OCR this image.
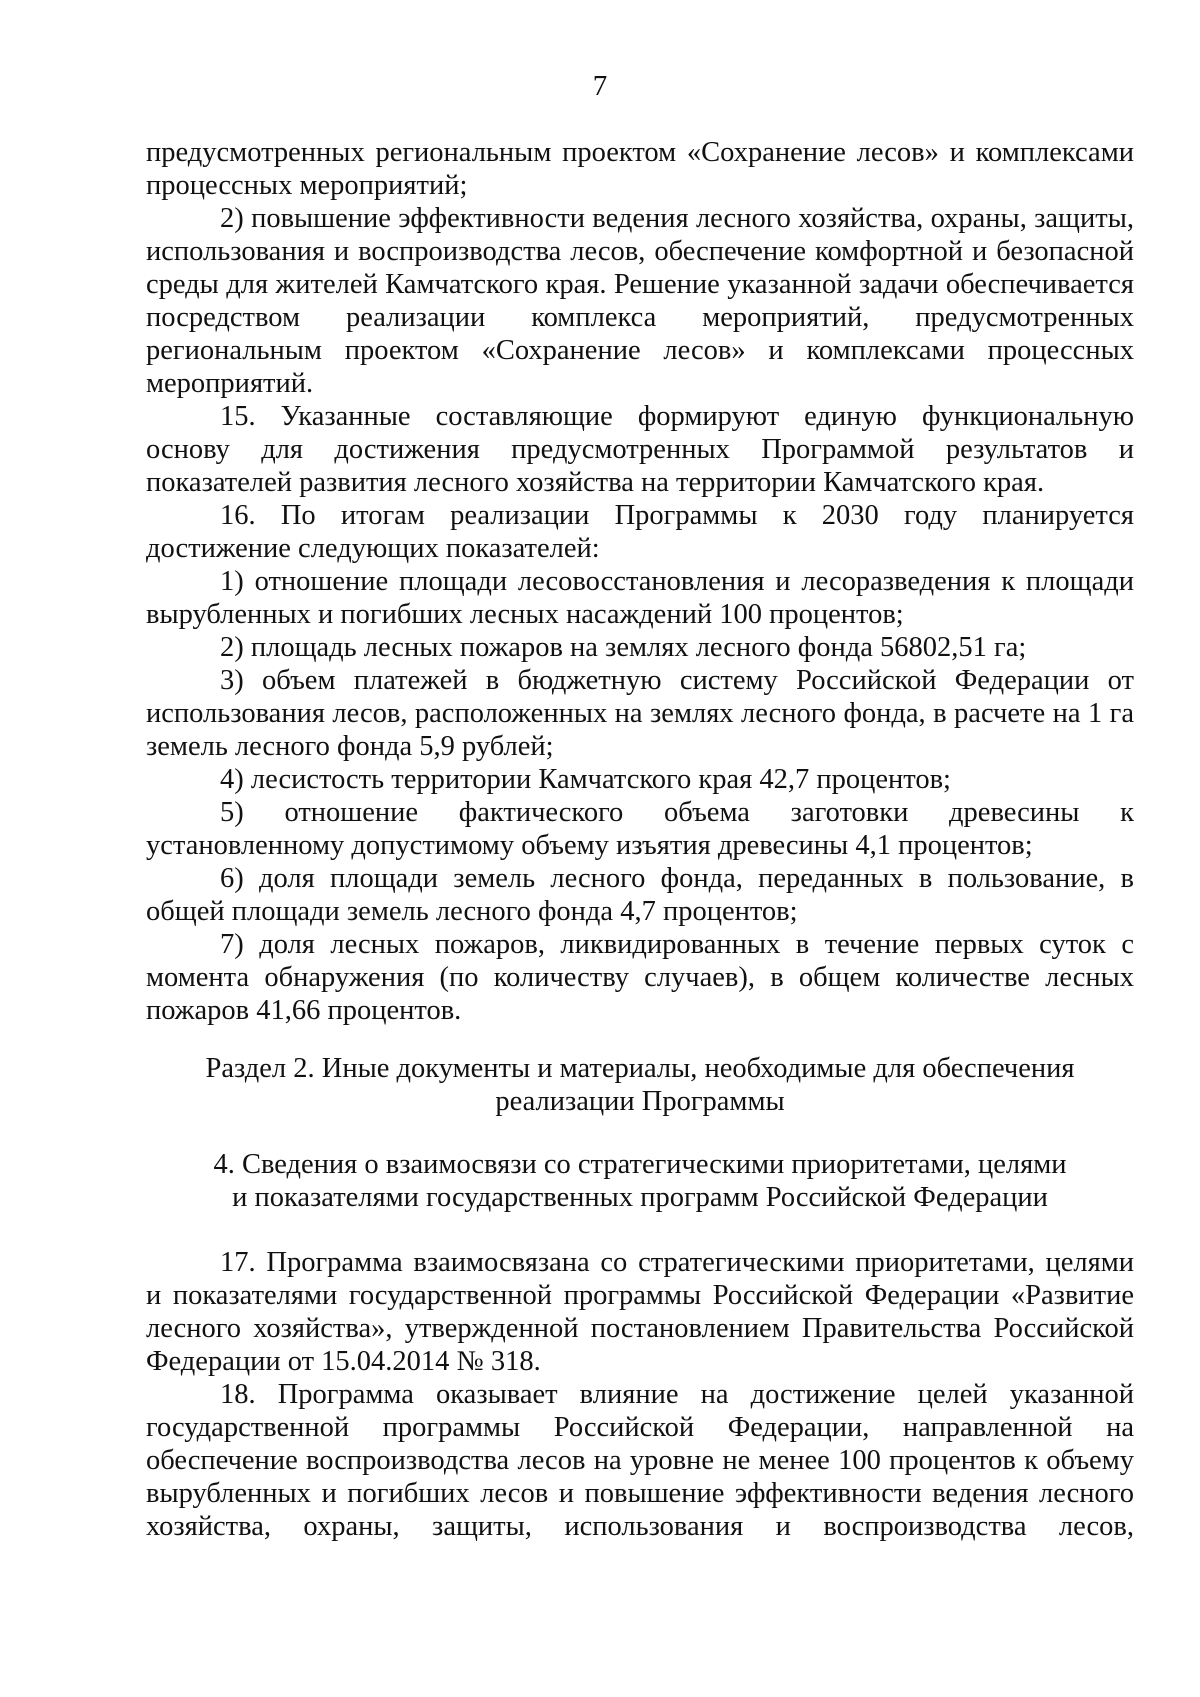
7

предусмотренных региональным проектом «Сохранение лесов» и комплексами процессных мероприятий;

2) повышение эффективности ведения лесного хозяйства, охраны, защиты, использования и воспроизводства лесов, обеспечение комфортной и безопасной среды для жителей Камчатского края. Решение указанной задачи обеспечивается посредством реализации комплекса мероприятий, предусмотренных региональным проектом «Сохранение лесов» и комплексами процессных мероприятий.

15. Указанные составляющие формируют единую функциональную основу для достижения предусмотренных Программой результатов и показателей развития лесного хозяйства на территории Камчатского края.

16. По итогам реализации Программы к 2030 году планируется достижение следующих показателей:

1) отношение площади лесовосстановления и лесоразведения к площади вырубленных и погибших лесных насаждений 100 процентов;

2) площадь лесных пожаров на землях лесного фонда 56802,51 га;

3) объем платежей в бюджетную систему Российской Федерации от использования лесов, расположенных на землях лесного фонда, в расчете на 1 га земель лесного фонда 5,9 рублей;

4) лесистость территории Камчатского края 42,7 процентов;

5) отношение фактического объема заготовки древесины к установленному допустимому объему изъятия древесины 4,1 процентов;

6) доля площади земель лесного фонда, переданных в пользование, в общей площади земель лесного фонда 4,7 процентов;

7) доля лесных пожаров, ликвидированных в течение первых суток с момента обнаружения (по количеству случаев), в общем количестве лесных пожаров 41,66 процентов.

Раздел 2. Иные документы и материалы, необходимые для обеспечения
реализации Программы
4. Сведения о взаимосвязи со стратегическими приоритетами, целями
и показателями государственных программ Российской Федерации

17. Программа взаимосвязана со стратегическими приоритетами, целями и показателями государственной программы Российской Федерации «Развитие лесного хозяйства», утвержденной постановлением Правительства Российской Федерации от 15.04.2014 № 318.

18. Программа оказывает влияние на достижение целей указанной государственной программы Российской Федерации, направленной на обеспечение воспроизводства лесов на уровне не менее 100 процентов к объему вырубленных и погибших лесов и повышение эффективности ведения лесного хозяйства, охраны, защиты, использования и воспроизводства лесов,
